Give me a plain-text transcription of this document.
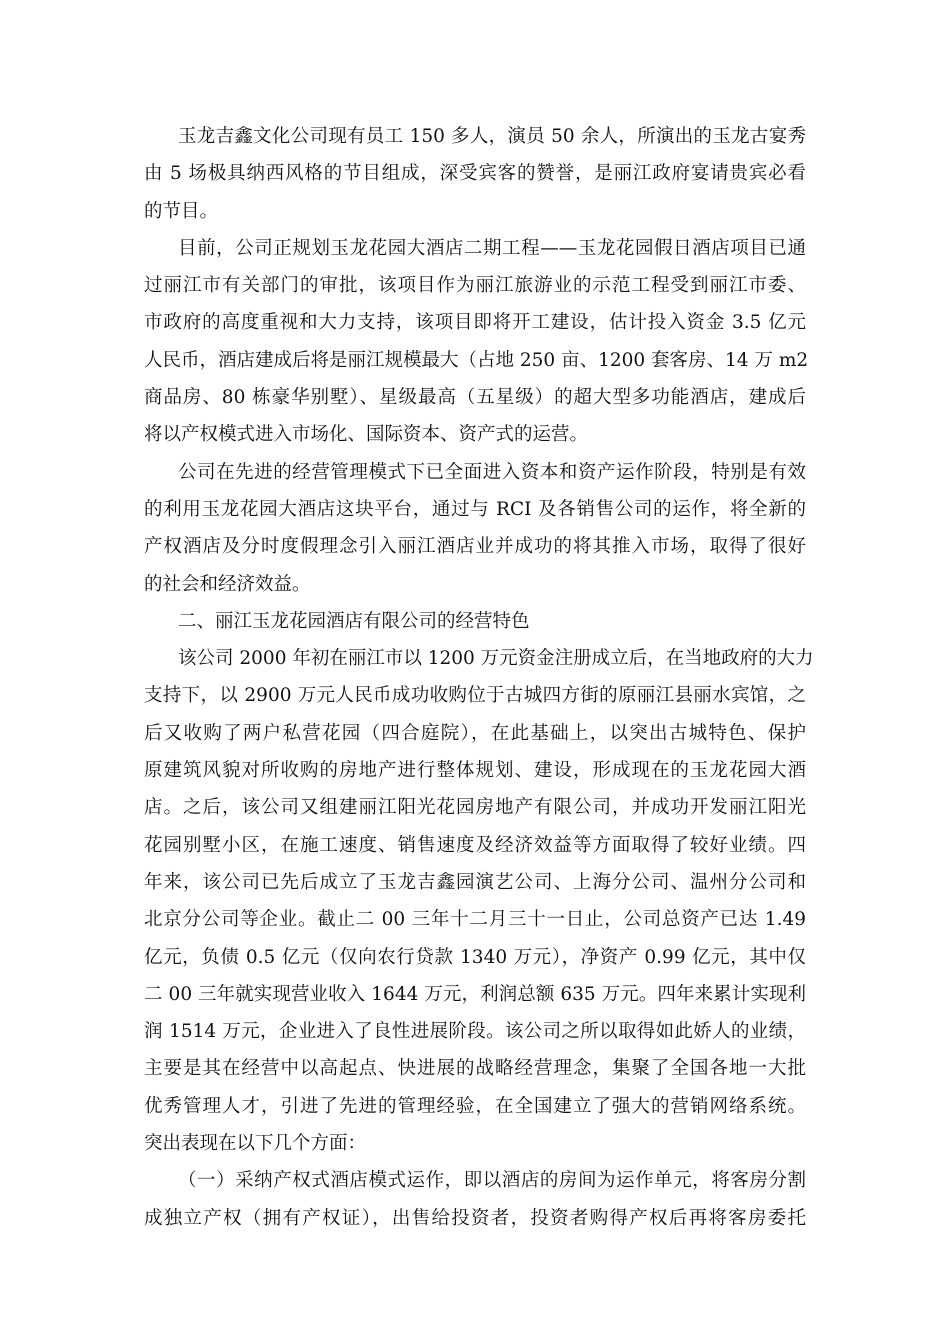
玉龙吉鑫文化公司现有员工 150 多人，演员 50 余人，所演出的玉龙古宴秀
由 5 场极具纳西风格的节目组成，深受宾客的赞誉，是丽江政府宴请贵宾必看
的节目。
目前，公司正规划玉龙花园大酒店二期工程——玉龙花园假日酒店项目已通
过丽江市有关部门的审批，该项目作为丽江旅游业的示范工程受到丽江市委、
市政府的高度重视和大力支持，该项目即将开工建设，估计投入资金 3.5 亿元
人民币，酒店建成后将是丽江规模最大（占地 250 亩、1200 套客房、14 万 m2
商品房、80 栋豪华别墅）、星级最高（五星级）的超大型多功能酒店，建成后
将以产权模式进入市场化、国际资本、资产式的运营。
公司在先进的经营管理模式下已全面进入资本和资产运作阶段，特别是有效
的利用玉龙花园大酒店这块平台，通过与 RCI 及各销售公司的运作，将全新的
产权酒店及分时度假理念引入丽江酒店业并成功的将其推入市场，取得了很好
的社会和经济效益。
二、丽江玉龙花园酒店有限公司的经营特色
该公司 2000 年初在丽江市以 1200 万元资金注册成立后，在当地政府的大力
支持下，以 2900 万元人民币成功收购位于古城四方街的原丽江县丽水宾馆，之
后又收购了两户私营花园（四合庭院），在此基础上，以突出古城特色、保护
原建筑风貌对所收购的房地产进行整体规划、建设，形成现在的玉龙花园大酒
店。之后，该公司又组建丽江阳光花园房地产有限公司，并成功开发丽江阳光
花园别墅小区，在施工速度、销售速度及经济效益等方面取得了较好业绩。四
年来，该公司已先后成立了玉龙吉鑫园演艺公司、上海分公司、温州分公司和
北京分公司等企业。截止二 00 三年十二月三十一日止，公司总资产已达 1.49
亿元，负债 0.5 亿元（仅向农行贷款 1340 万元），净资产 0.99 亿元，其中仅
二 00 三年就实现营业收入 1644 万元，利润总额 635 万元。四年来累计实现利
润 1514 万元，企业进入了良性进展阶段。该公司之所以取得如此娇人的业绩，
主要是其在经营中以高起点、快进展的战略经营理念，集聚了全国各地一大批
优秀管理人才，引进了先进的管理经验，在全国建立了强大的营销网络系统。
突出表现在以下几个方面：
（一）采纳产权式酒店模式运作，即以酒店的房间为运作单元，将客房分割
成独立产权（拥有产权证），出售给投资者，投资者购得产权后再将客房委托
